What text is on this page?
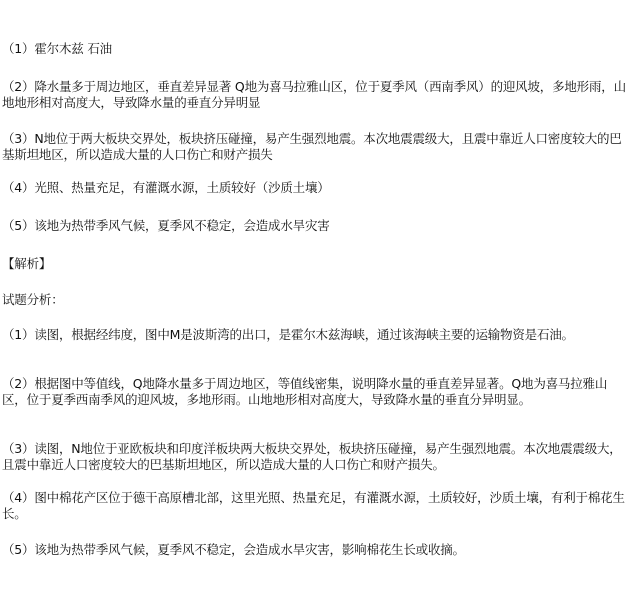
（1）霍尔木兹 石油

（2）降水量多于周边地区，垂直差异显著 Q地为喜马拉雅山区，位于夏季风（西南季风）的迎风坡，多地形雨，山地地形相对高度大，导致降水量的垂直分异明显

（3）N地位于两大板块交界处，板块挤压碰撞，易产生强烈地震。本次地震震级大，且震中靠近人口密度较大的巴基斯坦地区，所以造成大量的人口伤亡和财产损失

（4）光照、热量充足，有灌溉水源，土质较好（沙质土壤）

（5）该地为热带季风气候，夏季风不稳定，会造成水旱灾害

【解析】

试题分析：

（1）读图，根据经纬度，图中M是波斯湾的出口，是霍尔木兹海峡，通过该海峡主要的运输物资是石油。

（2）根据图中等值线，Q地降水量多于周边地区，等值线密集，说明降水量的垂直差异显著。Q地为喜马拉雅山区，位于夏季西南季风的迎风坡，多地形雨。山地地形相对高度大，导致降水量的垂直分异明显。

（3）读图，N地位于亚欧板块和印度洋板块两大板块交界处，板块挤压碰撞，易产生强烈地震。本次地震震级大，且震中靠近人口密度较大的巴基斯坦地区，所以造成大量的人口伤亡和财产损失。

（4）图中棉花产区位于德干高原槽北部，这里光照、热量充足，有灌溉水源，土质较好，沙质土壤，有利于棉花生长。

（5）该地为热带季风气候，夏季风不稳定，会造成水旱灾害，影响棉花生长或收摘。
